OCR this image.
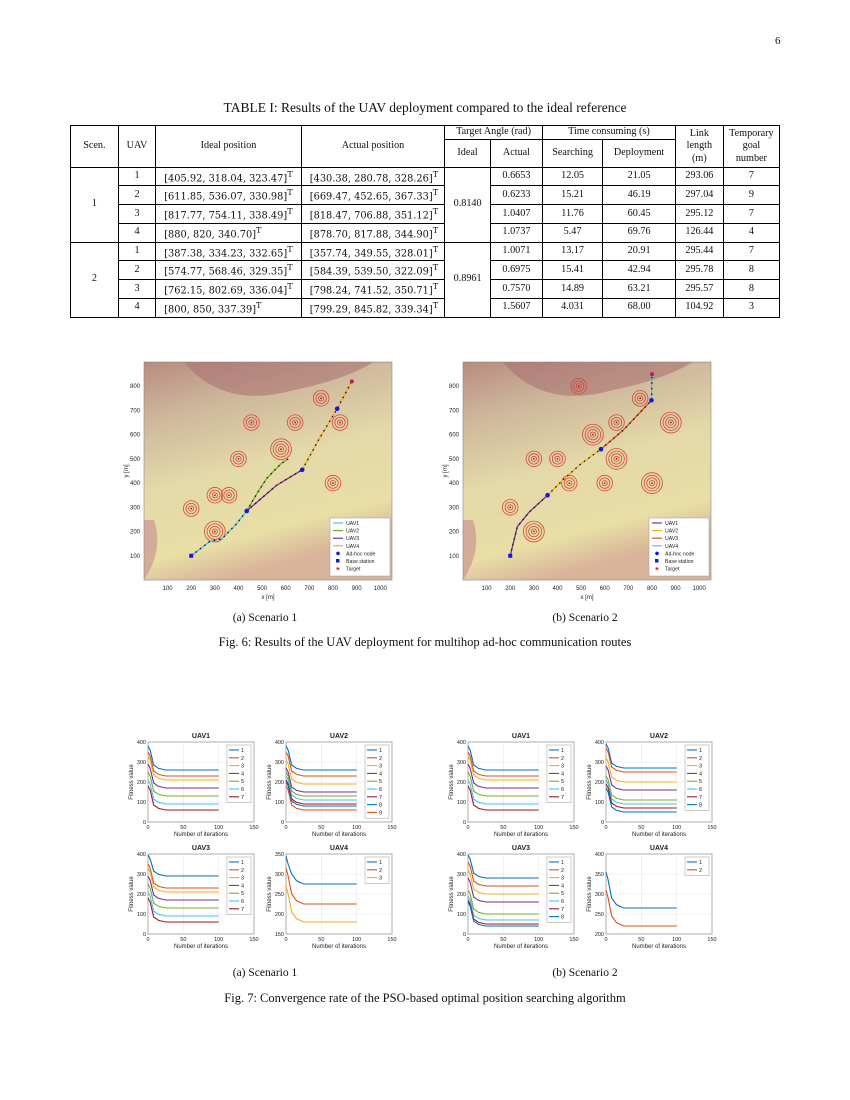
6
TABLE I: Results of the UAV deployment compared to the ideal reference
Scen.	UAV	Ideal position	Actual position	Target Angle (rad)		Time consuming (s)		Link
length
(m)	Temporary
goal
number
				Ideal	Actual	Searching	Deployment		
1	1	[405.92, 318.04, 323.47]$^T$	[430.38, 280.78, 328.26]$^T$	0.8140	0.6653	12.05	21.05	293.06	7
	2	[611.85, 536.07, 330.98]$^T$	[669.47, 452.65, 367.33]$^T$		0.6233	15.21	46.19	297.04	9
	3	[817.77, 754.11, 338.49]$^T$	[818.47, 706.88, 351.12]$^T$		1.0407	11.76	60.45	295.12	7
	4	[880, 820, 340.70]$^T$	[878.70, 817.88, 344.90]$^T$		1.0737	5.47	69.76	126.44	4
2	1	[387.38, 334.23, 332.65]$^T$	[357.74, 349.55, 328.01]$^T$	0.8961	1.0071	13.17	20.91	295.44	7
	2	[574.77, 568.46, 329.35]$^T$	[584.39, 539.50, 322.09]$^T$		0.6975	15.41	42.94	295.78	8
	3	[762.15, 802.69, 336.04]$^T$	[798.24, 741.52, 350.71]$^T$		0.7570	14.89	63.21	295.57	8
	4	[800, 850, 337.39]$^T$	[799.29, 845.82, 339.34]$^T$		1.5607	4.031	68.00	104.92	3
100 200 300 400 500 600 700 800 900 1000
100
200
300
400
500
600
700
800
x [m]
y [m]
UAV1
UAV2
UAV3
UAV4
Ad-hoc node
Base station
★ Target
100 200 300 400 500 600 700 800 900 1000
100
200
300
400
500
600
700
800
x [m]
y [m]
UAV1
UAV2
UAV3
UAV4
Ad-hoc node
Base station
★ Target
(a) Scenario 1	(b) Scenario 2
Fig. 6: Results of the UAV deployment for multihop ad-hoc communication routes
UAV1
0
100
200
300
400
0	50	100	150
Number of iterations
Fitness value
1
2
3
4
5
6
7
UAV2
0
100
200
300
400
0	50	100	150
Number of iterations
Fitness value
1
2
3
4
5
6
7
8
9
UAV3
0
100
200
300
400
0	50	100	150
Number of iterations
Fitness value
1
2
3
4
5
6
7
UAV4
150
200
250
300
350
0	50	100	150
Number of iterations
Fitness value
1
2
3
UAV1
0
100
200
300
400
0	50	100	150
Number of iterations
Fitness value
1
2
3
4
5
6
7
UAV2
0
100
200
300
400
0	50	100	150
Number of iterations
Fitness value
1
2
3
4
5
6
7
8
UAV3
0
100
200
300
400
0	50	100	150
Number of iterations
Fitness value
1
2
3
4
5
6
7
8
UAV4
200
250
300
350
400
0	50	100	150
Number of iterations
Fitness value
1
2
(a) Scenario 1	(b) Scenario 2
Fig. 7: Convergence rate of the PSO-based optimal position searching algorithm
